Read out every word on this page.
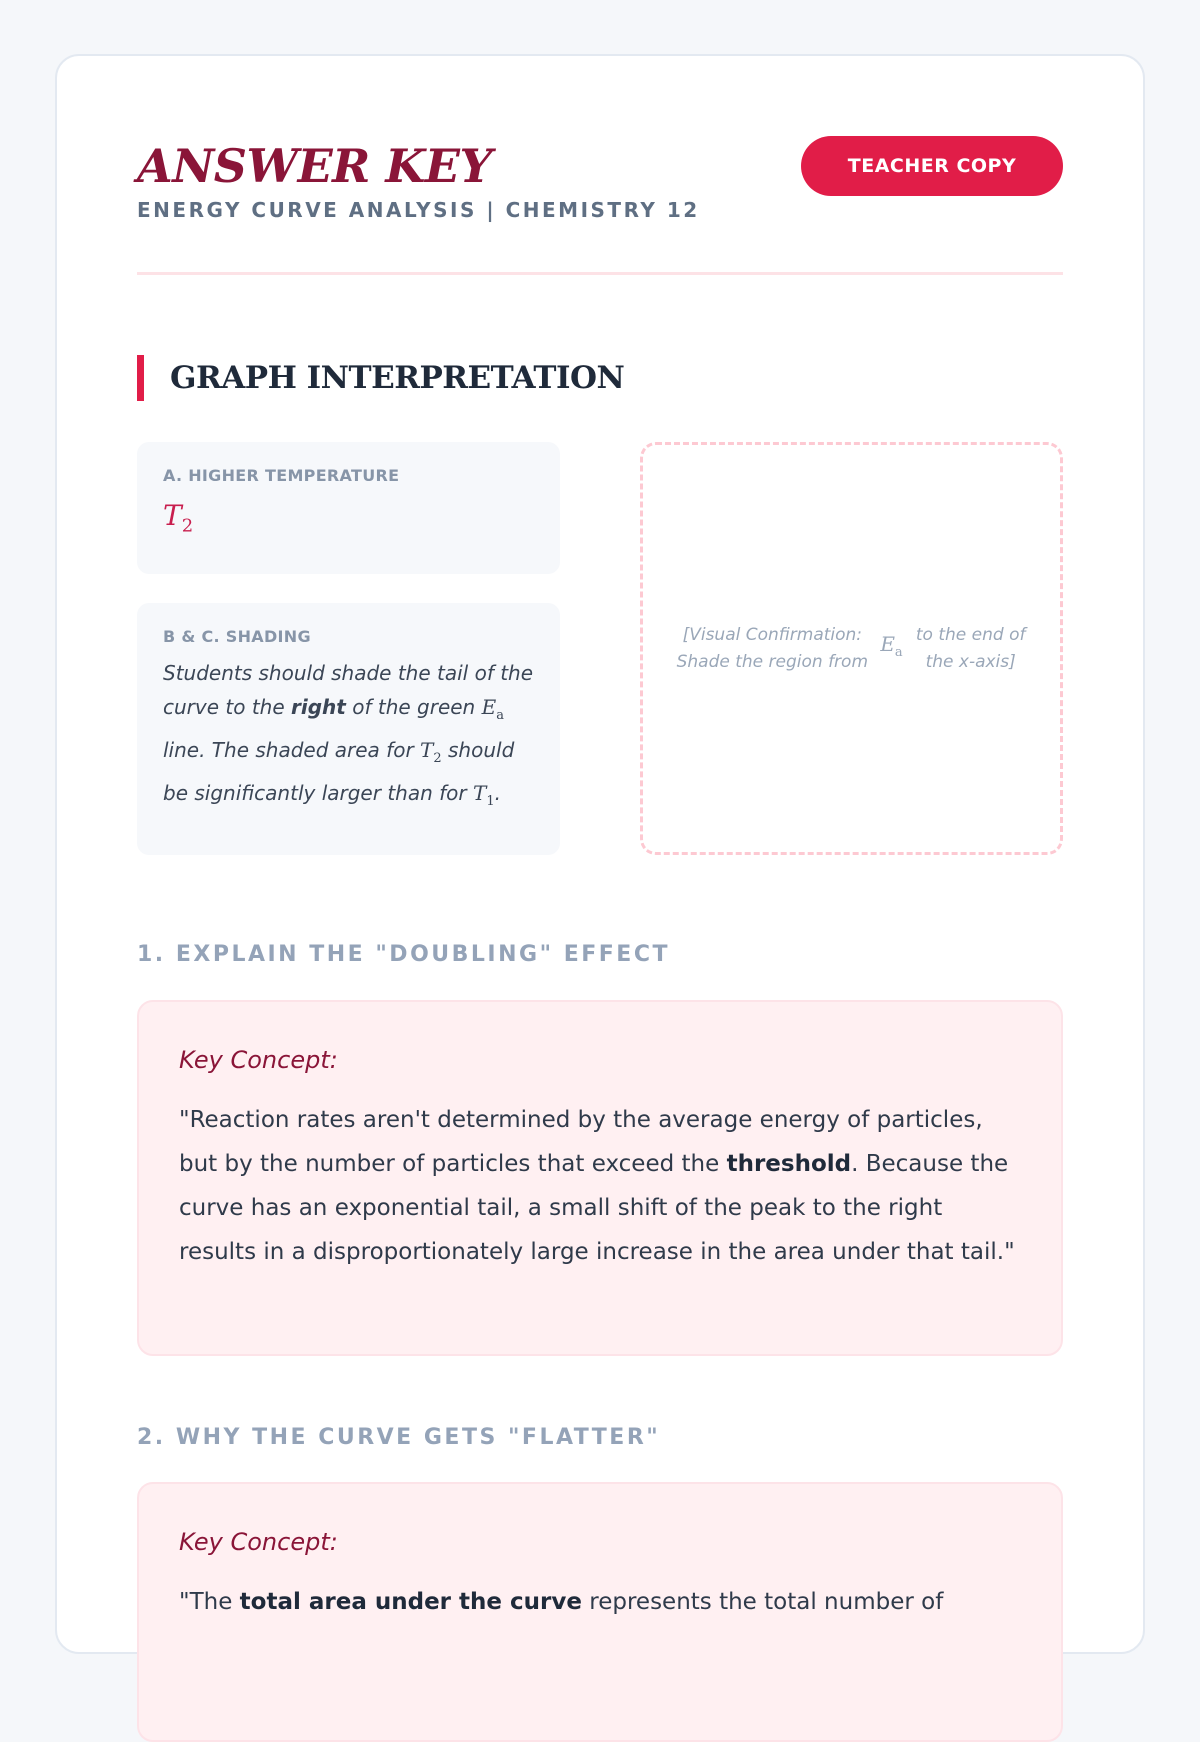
ANSWER KEY
ENERGY CURVE ANALYSIS | CHEMISTRY 12
TEACHER COPY
GRAPH INTERPRETATION
A. HIGHER TEMPERATURE
$T_2$
B & C. SHADING
Students should shade the tail of the curve to the right of the green $E_a$ line. The shaded area for $T_2$ should be significantly larger than for $T_1$.
[Visual Confirmation: Shade the region from
$E_a$
to the end of the x-axis]
1. EXPLAIN THE "DOUBLING" EFFECT
Key Concept:
"Reaction rates aren't determined by the average energy of particles, but by the number of particles that exceed the threshold. Because the curve has an exponential tail, a small shift of the peak to the right results in a disproportionately large increase in the area under that tail."
2. WHY THE CURVE GETS "FLATTER"
Key Concept:
"The total area under the curve represents the total number of
